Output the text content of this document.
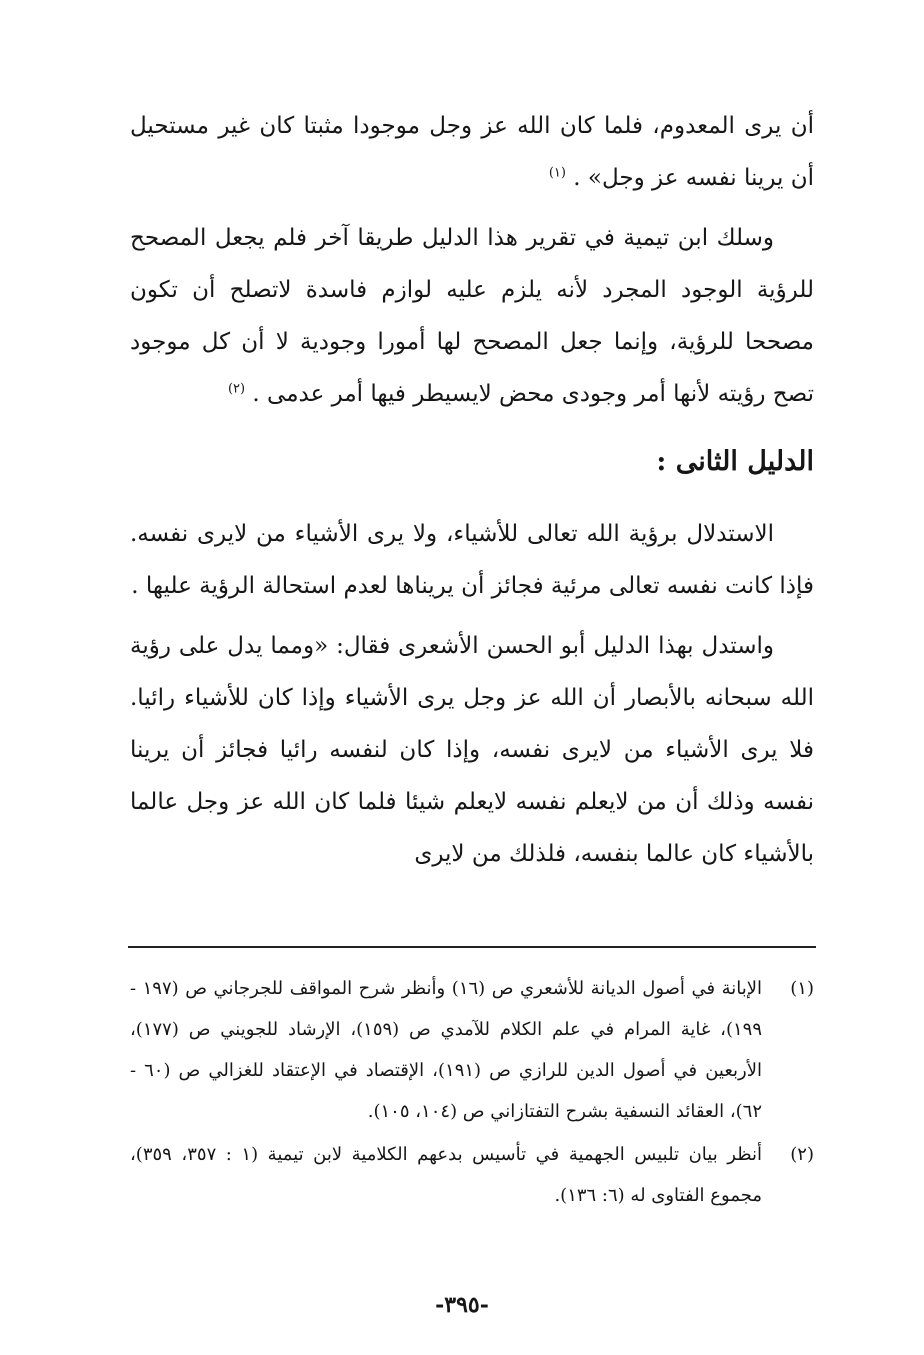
أن يرى المعدوم، فلما كان الله عز وجل موجودا مثبتا كان غير مستحيل أن يرينا نفسه عز وجل» . $^{(١)}$

وسلك ابن تيمية في تقرير هذا الدليل طريقا آخر فلم يجعل المصحح للرؤية الوجود المجرد لأنه يلزم عليه لوازم فاسدة لاتصلح أن تكون مصححا للرؤية، وإنما جعل المصحح لها أمورا وجودية لا أن كل موجود تصح رؤيته لأنها أمر وجودى محض لايسيطر فيها أمر عدمى . $^{(٢)}$

الدليل الثانى :

الاستدلال برؤية الله تعالى للأشياء، ولا يرى الأشياء من لايرى نفسه. فإذا كانت نفسه تعالى مرئية فجائز أن يريناها لعدم استحالة الرؤية عليها .

واستدل بهذا الدليل أبو الحسن الأشعرى فقال: «ومما يدل على رؤية الله سبحانه بالأبصار أن الله عز وجل يرى الأشياء وإذا كان للأشياء رائيا. فلا يرى الأشياء من لايرى نفسه، وإذا كان لنفسه رائيا فجائز أن يرينا نفسه وذلك أن من لايعلم نفسه لايعلم شيئا فلما كان الله عز وجل عالما بالأشياء كان عالما بنفسه، فلذلك من لايرى

(١)
الإبانة في أصول الديانة للأشعري ص (١٦) وأنظر شرح المواقف للجرجاني ص (١٩٧ - ١٩٩)، غاية المرام في علم الكلام للآمدي ص (١٥٩)، الإرشاد للجويني ص (١٧٧)، الأربعين في أصول الدين للرازي ص (١٩١)، الإقتصاد في الإعتقاد للغزالي ص (٦٠ - ٦٢)، العقائد النسفية بشرح التفتازاني ص (١٠٤، ١٠٥).
(٢)
أنظر بيان تلبيس الجهمية في تأسيس بدعهم الكلامية لابن تيمية (١ : ٣٥٧، ٣٥٩)، مجموع الفتاوى له (٦: ١٣٦).
-٣٩٥-
